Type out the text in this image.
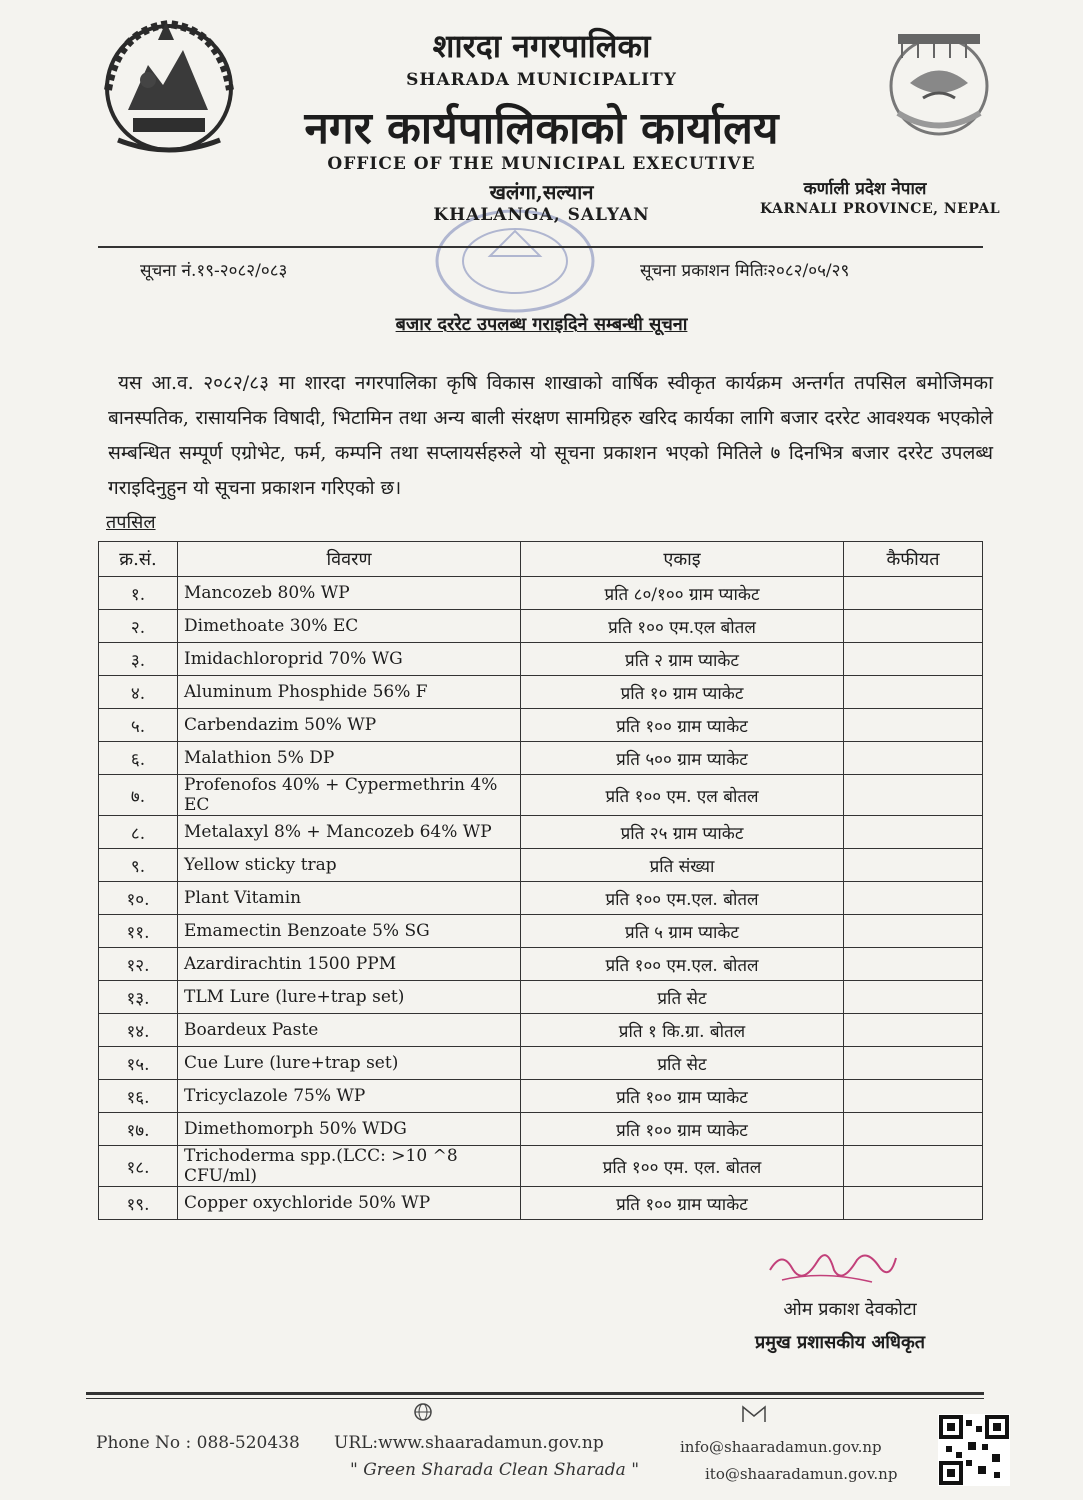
शारदा नगरपालिका
SHARADA MUNICIPALITY
नगर कार्यपालिकाको कार्यालय
OFFICE OF THE MUNICIPAL EXECUTIVE
खलंगा,सल्यान
KHALANGA, SALYAN
कर्णाली प्रदेश नेपाल
KARNALI PROVINCE, NEPAL
सूचना नं.१९-२०८२/०८३	सूचना प्रकाशन मितिः२०८२/०५/२९
बजार दररेट उपलब्ध गराइदिने सम्बन्धी सूचना
यस आ.व. २०८२/८३ मा शारदा नगरपालिका कृषि विकास शाखाको वार्षिक स्वीकृत कार्यक्रम अन्तर्गत तपसिल बमोजिमका बानस्पतिक, रासायनिक विषादी, भिटामिन तथा अन्य बाली संरक्षण सामग्रिहरु खरिद कार्यका लागि बजार दररेट आवश्यक भएकोले सम्बन्धित सम्पूर्ण एग्रोभेट, फर्म, कम्पनि तथा सप्लायर्सहरुले यो सूचना प्रकाशन भएको मितिले ७ दिनभित्र बजार दररेट उपलब्ध गराइदिनुहुन यो सूचना प्रकाशन गरिएको छ।
तपसिल
क्र.सं.	विवरण	एकाइ	कैफीयत
१.	Mancozeb 80% WP	प्रति ८०/१०० ग्राम प्याकेट	
२.	Dimethoate 30% EC	प्रति १०० एम.एल बोतल	
३.	Imidachloroprid 70% WG	प्रति २ ग्राम प्याकेट	
४.	Aluminum Phosphide 56% F	प्रति १० ग्राम प्याकेट	
५.	Carbendazim 50% WP	प्रति १०० ग्राम प्याकेट	
६.	Malathion 5% DP	प्रति ५०० ग्राम प्याकेट	
७.	Profenofos 40% + Cypermethrin 4% EC	प्रति १०० एम. एल बोतल	
८.	Metalaxyl 8% + Mancozeb 64% WP	प्रति २५ ग्राम प्याकेट	
९.	Yellow sticky trap	प्रति संख्या	
१०.	Plant Vitamin	प्रति १०० एम.एल. बोतल	
११.	Emamectin Benzoate 5% SG	प्रति ५ ग्राम प्याकेट	
१२.	Azardirachtin 1500 PPM	प्रति १०० एम.एल. बोतल	
१३.	TLM Lure (lure+trap set)	प्रति सेट	
१४.	Boardeux Paste	प्रति १ कि.ग्रा. बोतल	
१५.	Cue Lure (lure+trap set)	प्रति सेट	
१६.	Tricyclazole 75% WP	प्रति १०० ग्राम प्याकेट	
१७.	Dimethomorph 50% WDG	प्रति १०० ग्राम प्याकेट	
१८.	Trichoderma spp.(LCC: >10 ^8 CFU/ml)	प्रति १०० एम. एल. बोतल	
१९.	Copper oxychloride 50% WP	प्रति १०० ग्राम प्याकेट	
ओम प्रकाश देवकोटा
प्रमुख प्रशासकीय अधिकृत
Phone No : 088-520438 URL:www.shaaradamun.gov.np
" Green Sharada Clean Sharada "
info@shaaradamun.gov.np
ito@shaaradamun.gov.np
